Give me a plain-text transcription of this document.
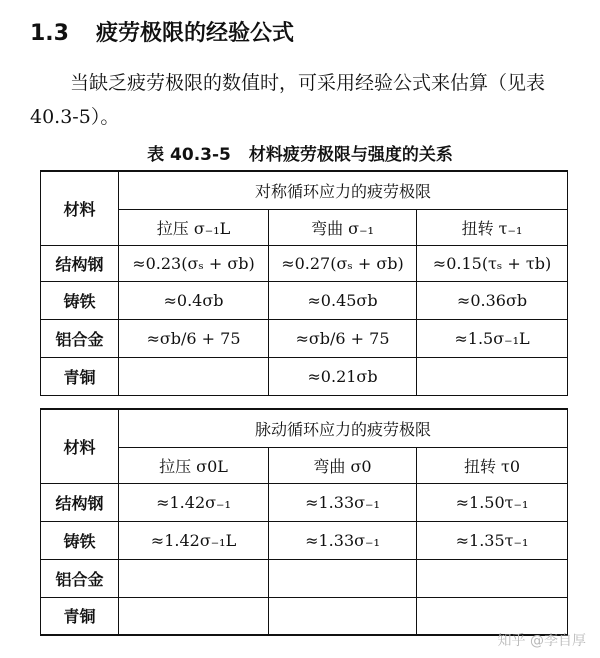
1.3 疲劳极限的经验公式
当缺乏疲劳极限的数值时，可采用经验公式来估算（见表 40.3-5）。
表 40.3-5 材料疲劳极限与强度的关系
材料	对称循环应力的疲劳极限		
	拉压 σ₋₁L	弯曲 σ₋₁	扭转 τ₋₁
结构钢	≈0.23(σₛ + σb)	≈0.27(σₛ + σb)	≈0.15(τₛ + τb)
铸铁	≈0.4σb	≈0.45σb	≈0.36σb
铝合金	≈σb/6 + 75	≈σb/6 + 75	≈1.5σ₋₁L
青铜		≈0.21σb	
材料	脉动循环应力的疲劳极限		
	拉压 σ0L	弯曲 σ0	扭转 τ0
结构钢	≈1.42σ₋₁	≈1.33σ₋₁	≈1.50τ₋₁
铸铁	≈1.42σ₋₁L	≈1.33σ₋₁	≈1.35τ₋₁
铝合金			
青铜			
知乎 @李自厚
